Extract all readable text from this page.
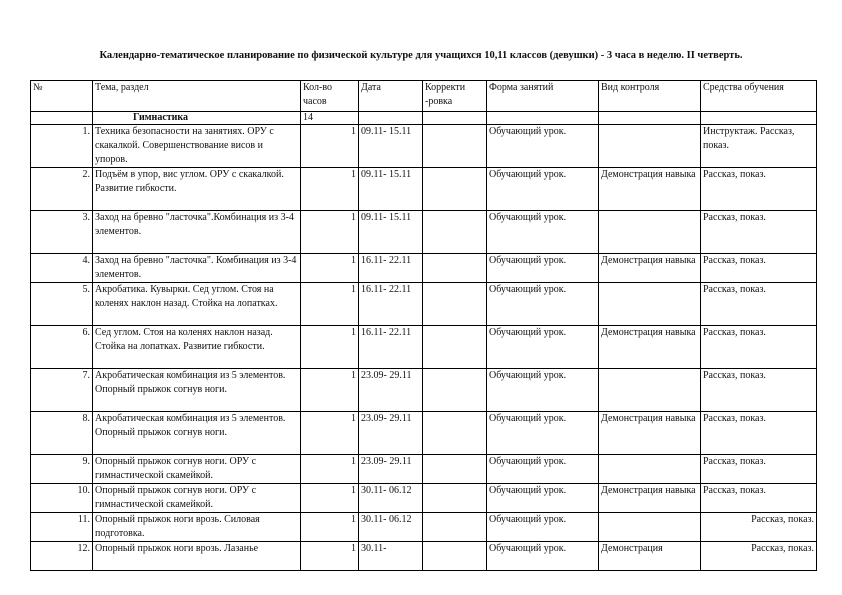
Календарно-тематическое планирование по физической культуре для учащихся 10,11 классов (девушки) - 3 часа в неделю. II четверть.
№	Тема, раздел	Кол-во часов	Дата	Корректи -ровка	Форма занятий	Вид контроля	Средства обучения
	Гимнастика	14					
1.	Техника безопасности на занятиях. ОРУ с скакалкой. Совершенствование висов и упоров.	1	09.11- 15.11		Обучающий урок.		Инструктаж. Рассказ, показ.
2.	Подъём в упор, вис углом. ОРУ с скакалкой. Развитие гибкости.	1	09.11- 15.11		Обучающий урок.	Демонстрация навыка	Рассказ, показ.
3.	Заход на бревно "ласточка".Комбинация из 3-4 элементов.	1	09.11- 15.11		Обучающий урок.		Рассказ, показ.
4.	Заход на бревно "ласточка". Комбинация из 3-4 элементов.	1	16.11- 22.11		Обучающий урок.	Демонстрация навыка	Рассказ, показ.
5.	Акробатика. Кувырки. Сед углом. Стоя на коленях наклон назад. Стойка на лопатках.	1	16.11- 22.11		Обучающий урок.		Рассказ, показ.
6.	Сед углом. Стоя на коленях наклон назад. Стойка на лопатках. Развитие гибкости.	1	16.11- 22.11		Обучающий урок.	Демонстрация навыка	Рассказ, показ.
7.	Акробатическая комбинация из 5 элементов. Опорный прыжок согнув ноги.	1	23.09- 29.11		Обучающий урок.		Рассказ, показ.
8.	Акробатическая комбинация из 5 элементов. Опорный прыжок согнув ноги.	1	23.09- 29.11		Обучающий урок.	Демонстрация навыка	Рассказ, показ.
9.	Опорный прыжок согнув ноги. ОРУ с гимнастической скамейкой.	1	23.09- 29.11		Обучающий урок.		Рассказ, показ.
10.	Опорный прыжок согнув ноги. ОРУ с гимнастической скамейкой.	1	30.11- 06.12		Обучающий урок.	Демонстрация навыка	Рассказ, показ.
11.	Опорный прыжок ноги врозь. Силовая подготовка.	1	30.11- 06.12		Обучающий урок.		Рассказ, показ.
12.	Опорный прыжок ноги врозь. Лазанье	1	30.11-		Обучающий урок.	Демонстрация	Рассказ, показ.
